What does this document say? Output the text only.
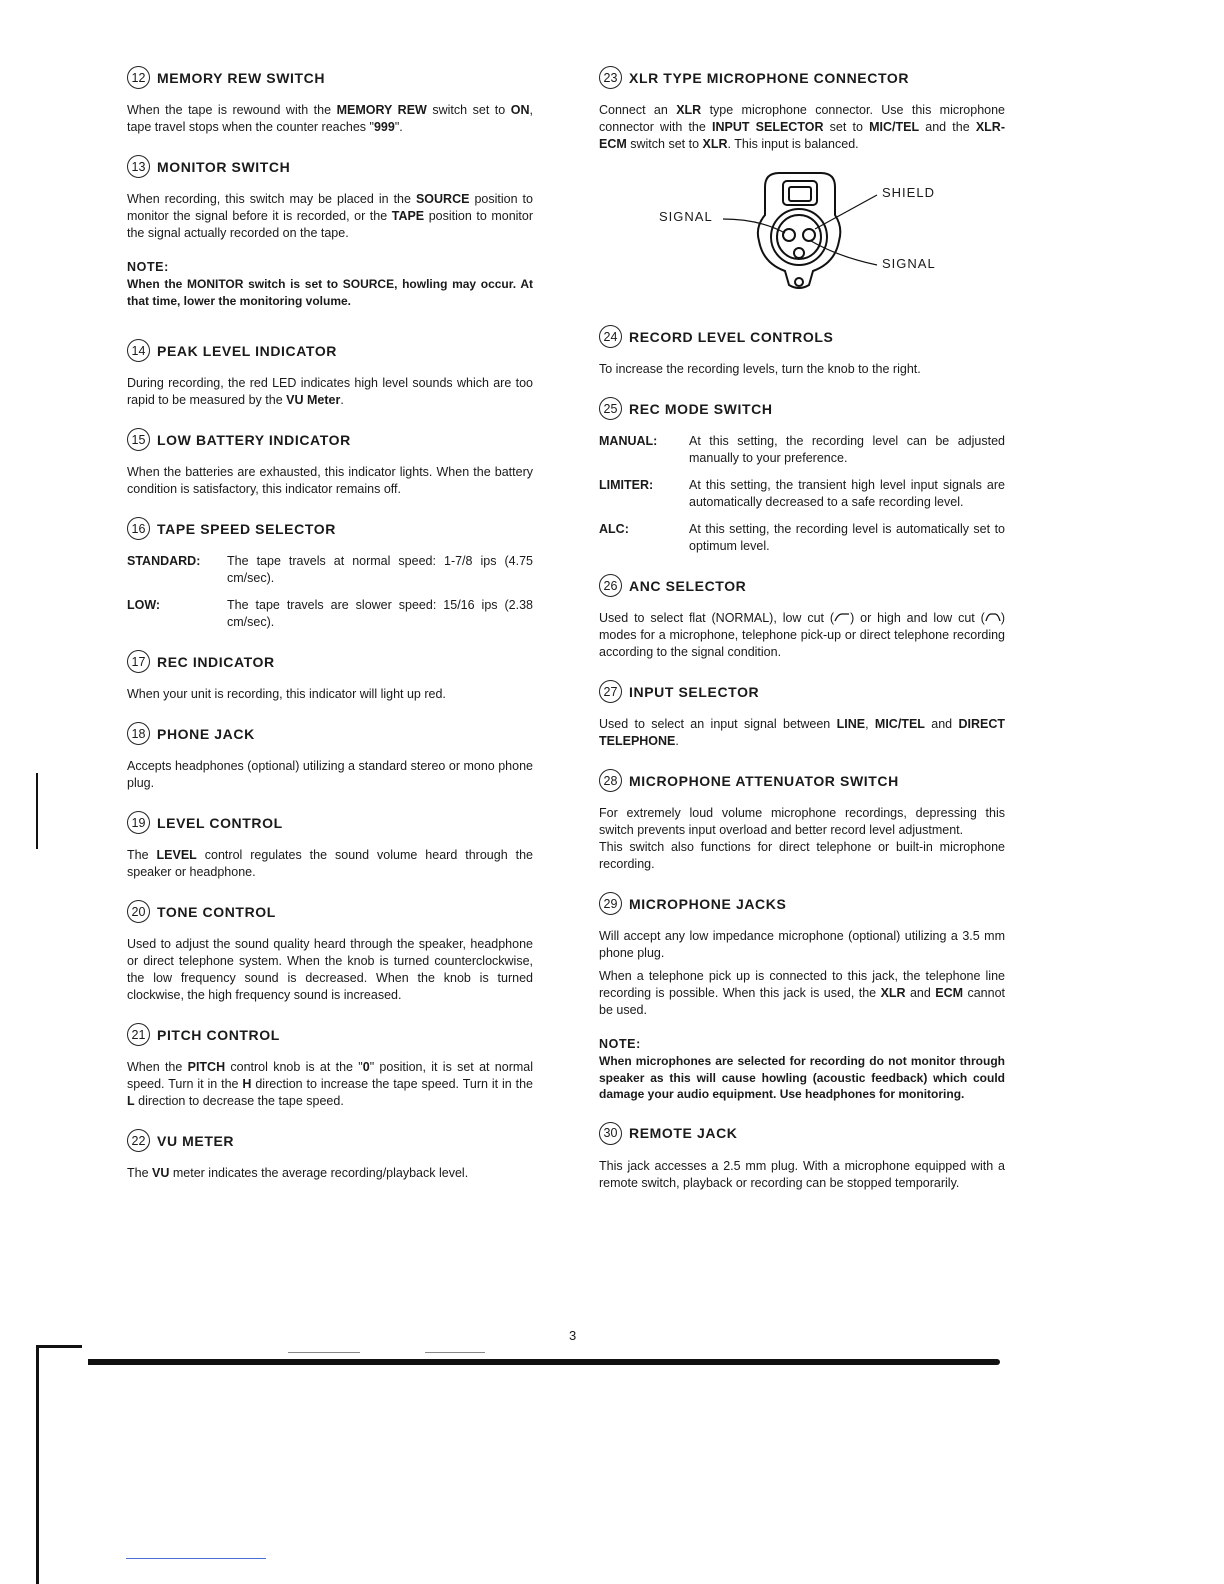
12 MEMORY REW SWITCH

When the tape is rewound with the MEMORY REW switch set to ON, tape travel stops when the counter reaches "999".

13 MONITOR SWITCH

When recording, this switch may be placed in the SOURCE position to monitor the signal before it is recorded, or the TAPE position to monitor the signal actually recorded on the tape.

NOTE:

When the MONITOR switch is set to SOURCE, howling may occur. At that time, lower the monitoring volume.

14 PEAK LEVEL INDICATOR

During recording, the red LED indicates high level sounds which are too rapid to be measured by the VU Meter.

15 LOW BATTERY INDICATOR

When the batteries are exhausted, this indicator lights. When the battery condition is satisfactory, this indicator remains off.

16 TAPE SPEED SELECTOR
STANDARD:	The tape travels at normal speed: 1-7/8 ips (4.75 cm/sec).
LOW:	The tape travels are slower speed: 15/16 ips (2.38 cm/sec).
17 REC INDICATOR

When your unit is recording, this indicator will light up red.

18 PHONE JACK

Accepts headphones (optional) utilizing a standard stereo or mono phone plug.

19 LEVEL CONTROL

The LEVEL control regulates the sound volume heard through the speaker or headphone.

20 TONE CONTROL

Used to adjust the sound quality heard through the speaker, headphone or direct telephone system. When the knob is turned counterclockwise, the low frequency sound is decreased. When the knob is turned clockwise, the high frequency sound is increased.

21 PITCH CONTROL

When the PITCH control knob is at the "0" position, it is set at normal speed. Turn it in the H direction to increase the tape speed. Turn it in the L direction to decrease the tape speed.

22 VU METER

The VU meter indicates the average recording/playback level.

23 XLR TYPE MICROPHONE CONNECTOR

Connect an XLR type microphone connector. Use this microphone connector with the INPUT SELECTOR set to MIC/TEL and the XLR-ECM switch set to XLR. This input is balanced.

SIGNAL
SHIELD
SIGNAL
24 RECORD LEVEL CONTROLS

To increase the recording levels, turn the knob to the right.

25 REC MODE SWITCH
MANUAL:	At this setting, the recording level can be adjusted manually to your preference.
LIMITER:	At this setting, the transient high level input signals are automatically decreased to a safe recording level.
ALC:	At this setting, the recording level is automatically set to optimum level.
26 ANC SELECTOR

Used to select flat (NORMAL), low cut ( ) or high and low cut ( ) modes for a microphone, telephone pick-up or direct telephone recording according to the signal condition.

27 INPUT SELECTOR

Used to select an input signal between LINE, MIC/TEL and DIRECT TELEPHONE.

28 MICROPHONE ATTENUATOR SWITCH

For extremely loud volume microphone recordings, depressing this switch prevents input overload and better record level adjustment.

This switch also functions for direct telephone or built-in microphone recording.

29 MICROPHONE JACKS

Will accept any low impedance microphone (optional) utilizing a 3.5 mm phone plug.

When a telephone pick up is connected to this jack, the telephone line recording is possible. When this jack is used, the XLR and ECM cannot be used.

NOTE:

When microphones are selected for recording do not monitor through speaker as this will cause howling (acoustic feedback) which could damage your audio equipment. Use headphones for monitoring.

30 REMOTE JACK

This jack accesses a 2.5 mm plug. With a microphone equipped with a remote switch, playback or recording can be stopped temporarily.

3
